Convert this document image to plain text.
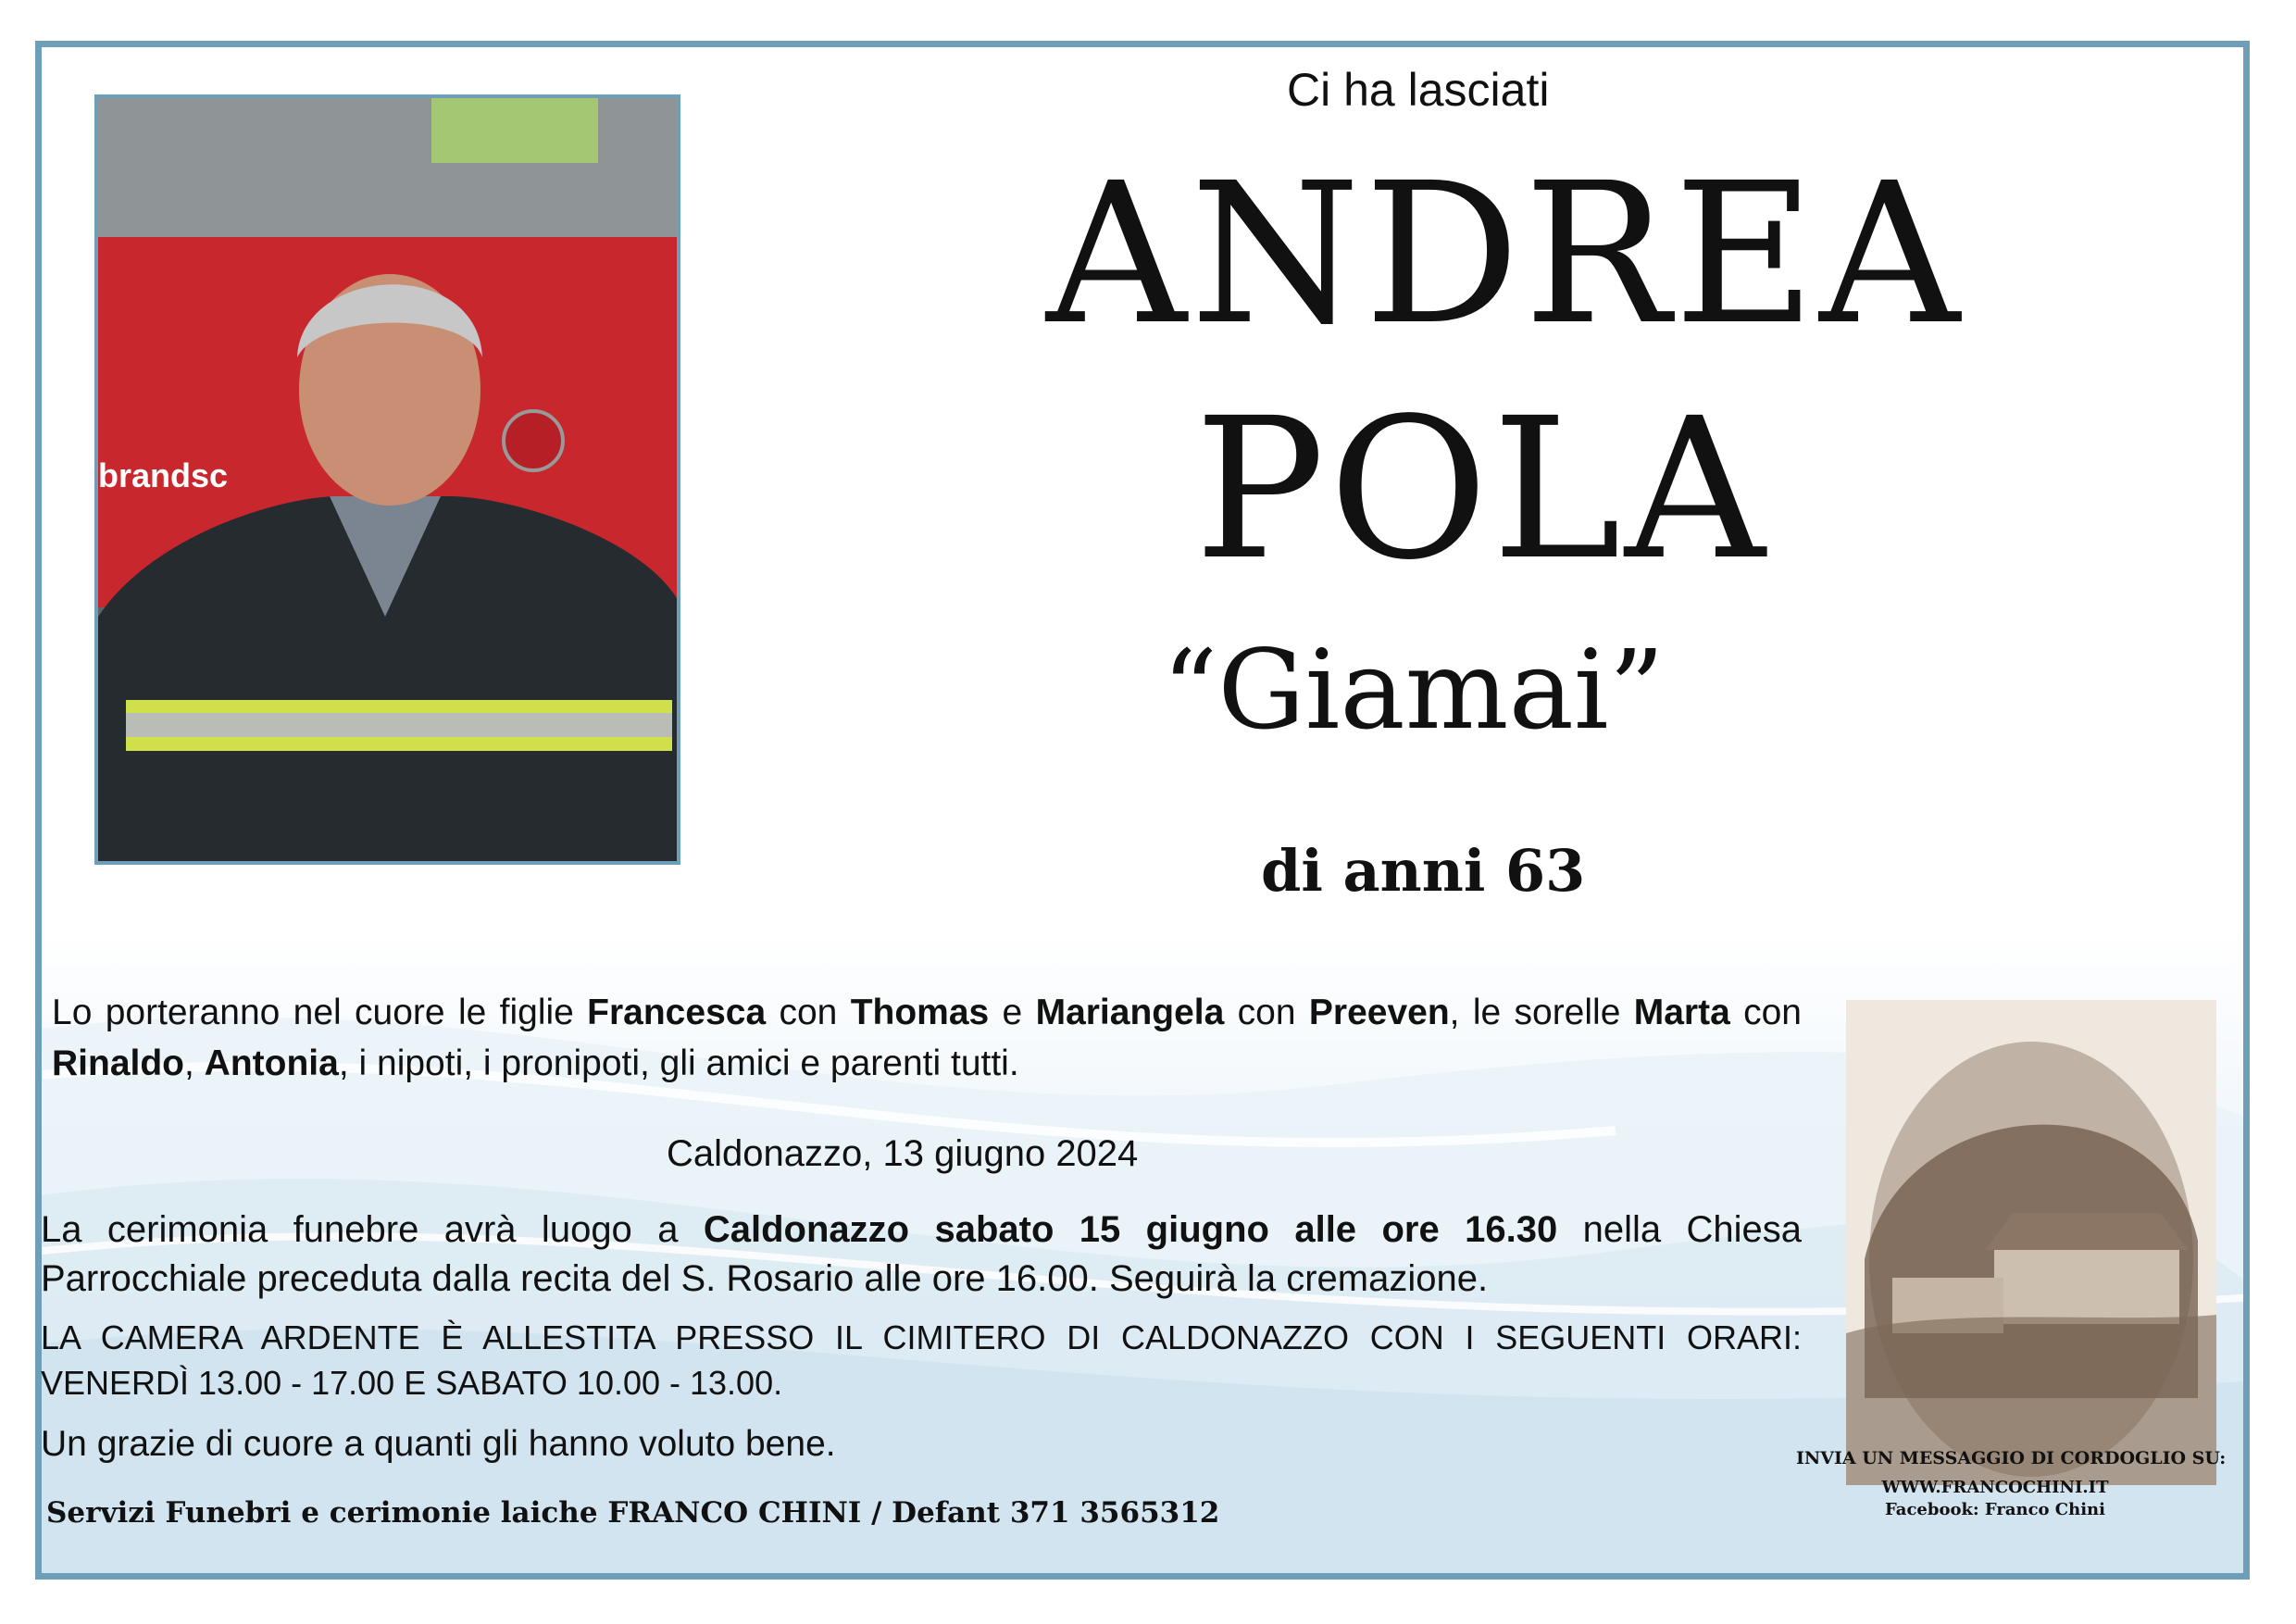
brandsc
Ci ha lasciati
ANDREA
POLA
“Giamai”
di anni 63
Lo porteranno nel cuore le figlie Francesca con Thomas e Mariangela con Preeven, le sorelle Marta con Rinaldo, Antonia, i nipoti, i pronipoti, gli amici e parenti tutti.
Caldonazzo, 13 giugno 2024
La cerimonia funebre avrà luogo a Caldonazzo sabato 15 giugno alle ore 16.30 nella Chiesa Parrocchiale preceduta dalla recita del S. Rosario alle ore 16.00. Seguirà la cremazione.
LA CAMERA ARDENTE È ALLESTITA PRESSO IL CIMITERO DI CALDONAZZO CON I SEGUENTI ORARI: VENERDÌ 13.00 - 17.00 E SABATO 10.00 - 13.00.
Un grazie di cuore a quanti gli hanno voluto bene.
Servizi Funebri e cerimonie laiche FRANCO CHINI / Defant 371 3565312
INVIA UN MESSAGGIO DI CORDOGLIO SU:
WWW.FRANCOCHINI.IT
Facebook: Franco Chini
